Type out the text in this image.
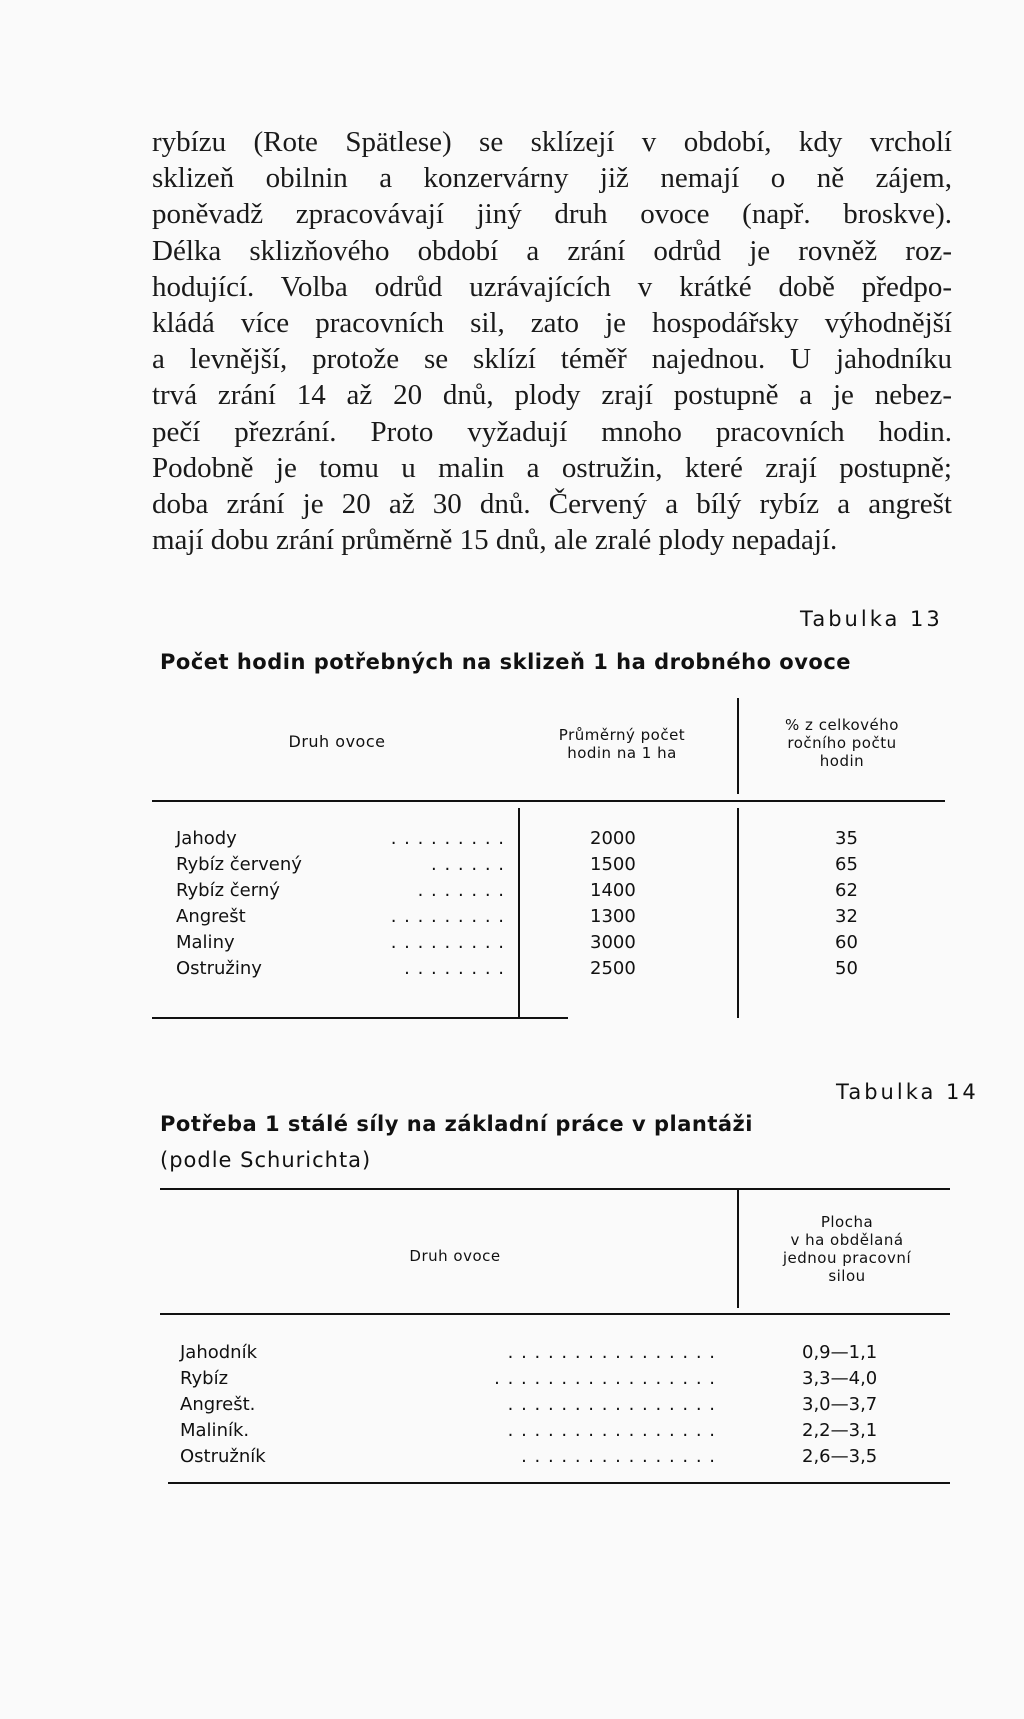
rybízu (Rote Spätlese) se sklízejí v období, kdy vrcholí

sklizeň obilnin a konzervárny již nemají o ně zájem,

poněvadž zpracovávají jiný druh ovoce (např. broskve).

Délka sklizňového období a zrání odrůd je rovněž roz-

hodující. Volba odrůd uzrávajících v krátké době předpo-

kládá více pracovních sil, zato je hospodářsky výhodnější

a levnější, protože se sklízí téměř najednou. U jahodníku

trvá zrání 14 až 20 dnů, plody zrají postupně a je nebez-

pečí přezrání. Proto vyžadují mnoho pracovních hodin.

Podobně je tomu u malin a ostružin, které zrají postupně;

doba zrání je 20 až 30 dnů. Červený a bílý rybíz a angrešt

mají dobu zrání průměrně 15 dnů, ale zralé plody nepadají.

Tabulka 13
Počet hodin potřebných na sklizeň 1 ha drobného ovoce
Druh ovoce	Průměrný počet
hodin na 1 ha
% z celkového
ročního počtu
hodin
Jahody	. . . . . . . . .	2000	35
Rybíz červený	. . . . . .	1500	65
Rybíz černý	. . . . . . .	1400	62
Angrešt	. . . . . . . . .	1300	32
Maliny	. . . . . . . . .	3000	60
Ostružiny	. . . . . . . .	2500	50
Tabulka 14
Potřeba 1 stálé síly na základní práce v plantáži
(podle Schurichta)
Druh ovoce
Plocha
v ha obdělaná
jednou pracovní
silou
Jahodník	. . . . . . . . . . . . . . . .	0,9—1,1
Rybíz	. . . . . . . . . . . . . . . . .	3,3—4,0
Angrešt.	. . . . . . . . . . . . . . . .	3,0—3,7
Maliník.	. . . . . . . . . . . . . . . .	2,2—3,1
Ostružník	. . . . . . . . . . . . . . .	2,6—3,5
